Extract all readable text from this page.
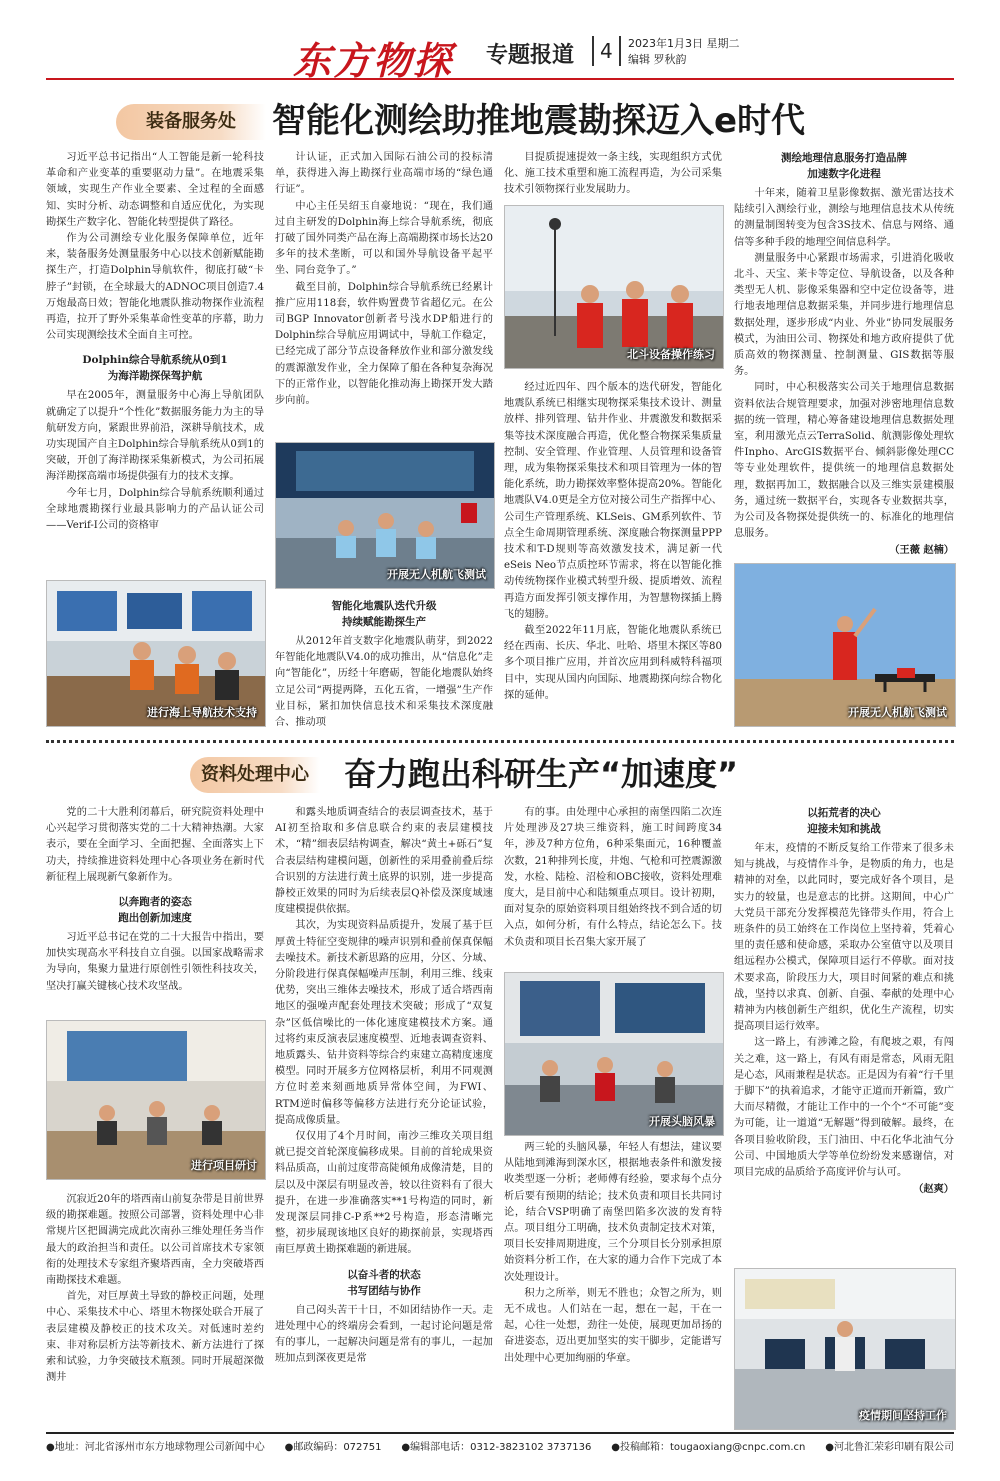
东方物探 专题报道	4	2023年1月3日 星期二
编辑 罗秋韵
装备服务处	智能化测绘助推地震勘探迈入e时代

习近平总书记指出“人工智能是新一轮科技革命和产业变革的重要驱动力量”。在地震采集领域，实现生产作业全要素、全过程的全面感知、实时分析、动态调整和自适应优化，为实现勘探生产数字化、智能化转型提供了路径。

作为公司测绘专业化服务保障单位，近年来，装备服务处测量服务中心以技术创新赋能勘探生产，打造Dolphin导航软件，彻底打破“卡脖子”封锁，在全球最大的ADNOC项目创造7.4万炮最高日效；智能化地震队推动物探作业流程再造，拉开了野外采集革命性变革的序幕，助力公司实现测绘技术全面自主可控。

Dolphin综合导航系统从0到1
为海洋勘探保驾护航

早在2005年，测量服务中心海上导航团队就确定了以提升“个性化”数据服务能力为主的导航研发方向，紧跟世界前沿，深耕导航技术，成功实现国产自主Dolphin综合导航系统从0到1的突破，开创了海洋勘探采集新模式，为公司拓展海洋勘探高端市场提供强有力的技术支撑。

今年七月，Dolphin综合导航系统顺利通过全球地震勘探行业最具影响力的产品认证公司——Verif-I公司的资格审

进行海上导航技术支持

计认证，正式加入国际石油公司的投标清单，获得进入海上勘探行业高端市场的“绿色通行证”。

中心主任吴绍玉自豪地说：“现在，我们通过自主研发的Dolphin海上综合导航系统，彻底打破了国外同类产品在海上高端勘探市场长达20多年的技术垄断，可以和国外导航设备平起平坐、同台竞争了。”

截至目前，Dolphin综合导航系统已经累计推广应用118套，软件购置费节省超亿元。在公司BGP Innovator创新者号浅水DP船进行的Dolphin综合导航应用调试中，导航工作稳定，已经完成了部分节点设备释放作业和部分激发线的震源激发作业，全力保障了船在各种复杂海况下的正常作业，以智能化推动海上勘探开发大踏步向前。

开展无人机航飞测试

智能化地震队迭代升级
持续赋能勘探生产

从2012年首支数字化地震队萌芽，到2022年智能化地震队V4.0的成功推出，从“信息化”走向“智能化”，历经十年磨砺，智能化地震队始终立足公司“两提两降，五化五省，一增强”生产作业目标，紧扣加快信息技术和采集技术深度融合、推动项

目提质提速提效一条主线，实现组织方式优化、施工技术重塑和施工流程再造，为公司采集技术引领物探行业发展助力。

北斗设备操作练习

经过近四年、四个版本的迭代研发，智能化地震队系统已相继实现物探采集技术设计、测量放样、排列管理、钻井作业、井震激发和数据采集等技术深度融合再造，优化整合物探采集质量控制、安全管理、作业管理、人员管理和设备管理，成为集物探采集技术和项目管理为一体的智能化系统，助力勘探效率整体提高20%。智能化地震队V4.0更是全方位对接公司生产指挥中心、公司生产管理系统、KLSeis、GM系列软件、节点全生命周期管理系统、深度融合物探测量PPP技术和T-D规则等高效激发技术，满足新一代eSeis Neo节点质控环节需求，将在以智能化推动传统物探作业模式转型升级、提质增效、流程再造方面发挥引领支撑作用，为智慧物探插上腾飞的翅膀。

截至2022年11月底，智能化地震队系统已经在西南、长庆、华北、吐哈、塔里木探区等80多个项目推广应用，并首次应用到科威特科福项目中，实现从国内向国际、地震勘探向综合物化探的延伸。

测绘地理信息服务打造品牌
加速数字化进程

十年来，随着卫星影像数据、激光雷达技术陆续引入测绘行业，测绘与地理信息技术从传统的测量制图转变为包含3S技术、信息与网络、通信等多种手段的地理空间信息科学。

测量服务中心紧跟市场需求，引进消化吸收北斗、天宝、莱卡等定位、导航设备，以及各种类型无人机、影像采集器和空中定位设备等，进行地表地理信息数据采集，并同步进行地理信息数据处理，逐步形成“内业、外业”协同发展服务模式，为油田公司、物探处和地方政府提供了优质高效的物探测量、控制测量、GIS数据等服务。

同时，中心积极落实公司关于地理信息数据资料依法合规管理要求，加强对涉密地理信息数据的统一管理，精心筹备建设地理信息数据处理室，利用激光点云TerraSolid、航测影像处理软件Inpho、ArcGIS数据平台、倾斜影像处理CC等专业处理软件，提供统一的地理信息数据处理，数据再加工，数据融合以及三维实景建模服务，通过统一数据平台，实现各专业数据共享，为公司及各物探处提供统一的、标准化的地理信息服务。

（王薇 赵楠）

开展无人机航飞测试
资料处理中心	奋力跑出科研生产“加速度”

党的二十大胜利闭幕后，研究院资料处理中心兴起学习贯彻落实党的二十大精神热潮。大家表示，要在全面学习、全面把握、全面落实上下功夫，持续推进资料处理中心各项业务在新时代新征程上展现新气象新作为。

以奔跑者的姿态
跑出创新加速度

习近平总书记在党的二十大报告中指出，要加快实现高水平科技自立自强。以国家战略需求为导向，集聚力量进行原创性引领性科技攻关，坚决打赢关键核心技术攻坚战。

进行项目研讨

沉寂近20年的塔西南山前复杂带是目前世界级的勘探难题。按照公司部署，资料处理中心非常规片区把圆满完成此次南孙三维处理任务当作最大的政治担当和责任。以公司首席技术专家领衔的处理技术专家组齐聚塔西南，全力突破塔西南勘探技术难题。

首先，对巨厚黄土导致的静校正问题，处理中心、采集技术中心、塔里木物探处联合开展了表层建模及静校正的技术攻关。对低速时差约束、非对称层析方法等新技术、新方法进行了探索和试验，力争突破技术瓶颈。同时开展超深微测井

和露头地质调查结合的表层调查技术，基于AI初至拾取和多信息联合约束的表层建模技术，“精”细表层结构调查，解决“黄土+砾石”复合表层结构建模问题，创新性的采用叠前叠后综合识别的方法进行黄土底界的识别，进一步提高静校正效果的同时为后续表层Q补偿及深度域速度建模提供依据。

其次，为实现资料品质提升，发展了基于巨厚黄土特征空变规律的噪声识别和叠前保真保幅去噪技术。新技术新思路的应用，分区、分域、分阶段进行保真保幅噪声压制，利用三维、线束优势，突出三维体去噪技术，形成了适合塔西南地区的强噪声配套处理技术突破；形成了“双复杂”区低信噪比的一体化速度建模技术方案。通过将约束反演表层速度模型、近地表调查资料、地质露头、钻井资料等综合约束建立高精度速度模型。同时开展多方位网格层析，利用不同观测方位时差来刻画地质异常体空间，为FWI、RTM逆时偏移等偏移方法进行充分论证试验，提高成像质量。

仅仅用了4个月时间，南沙三维攻关项目组就已提交首轮深度偏移成果。目前的首轮成果资料品质高，山前过度带高陡倾角成像清楚，目的层以及中深层有明显改善，较以往资料有了很大提升，在进一步准确落实**1号构造的同时，新发现深层同排C-P系**2号构造，形态清晰完整，初步展现该地区良好的勘探前景，实现塔西南巨厚黄土勘探难题的新进展。

以奋斗者的状态
书写团结与协作

自己闷头苦干十日，不如团结协作一天。走进处理中心的终端房会看到，一起讨论问题是常有的事儿，一起解决问题是常有的事儿，一起加班加点到深夜更是常

有的事。由处理中心承担的南堡四陷二次连片处理涉及27块三维资料，施工时间跨度34年，涉及7种方位角，6种采集面元，16种覆盖次数，21种排列长度，井炮、气枪和可控震源激发，水检、陆检、沼检和OBC接收，资料处理难度大，是目前中心和陆频重点项目。设计初期，面对复杂的原始资料项目组始终找不到合适的切入点，如何分析，有什么特点，结论怎么下。技术负责和项目长召集大家开展了

开展头脑风暴

两三轮的头脑风暴，年轻人有想法，建议要从陆地到滩海到深水区，根据地表条件和激发接收类型逐一分析；老师傅有经验，要求每个点分析后要有预期的结论；技术负责和项目长共同讨论，结合VSP明确了南堡凹陷多次波的发育特点。项目组分工明确，技术负责制定技术对策，项目长安排周期进度，三个分项目长分别承担原始资料分析工作，在大家的通力合作下完成了本次处理设计。

积力之所举，则无不胜也；众智之所为，则无不成也。人们站在一起，想在一起，干在一起，心往一处想，劲往一处使，展现更加昂扬的奋进姿态，迈出更加坚实的实干脚步，定能谱写出处理中心更加绚丽的华章。

以拓荒者的决心
迎接未知和挑战

年末，疫情的不断反复给工作带来了很多未知与挑战，与疫情作斗争，是物质的角力，也是精神的对垒，以此同时，要完成好各个项目，是实力的较量，也是意志的比拼。这期间，中心广大党员干部充分发挥模范先锋带头作用，符合上班条件的员工始终在工作岗位上坚持着，凭着心里的责任感和使命感，采取办公室值守以及项目组远程办公模式，保障项目运行不停歇。面对技术要求高，阶段压力大，项目时间紧的难点和挑战，坚持以求真、创新、自强、奉献的处理中心精神为内核创新生产组织，优化生产流程，切实提高项目运行效率。

这一路上，有涉滩之险，有爬坡之艰，有闯关之难，这一路上，有风有雨是常态，风雨无阻是心态，风雨兼程是状态。正是因为有着“行千里于脚下”的执着追求，才能守正道而开新篇，致广大而尽精微，才能让工作中的一个个“不可能”变为可能，让一道道“无解题”得到破解。最终，在各项目验收阶段，玉门油田、中石化华北油气分公司、中国地质大学等单位纷纷发来感谢信，对项目完成的品质给予高度评价与认可。

（赵爽）

疫情期间坚持工作
●地址：河北省涿州市东方地球物理公司新闻中心 ●邮政编码：072751 ●编辑部电话：0312-3823102 3737136 ●投稿邮箱：tougaoxiang@cnpc.com.cn ●河北鲁汇荣彩印刷有限公司
